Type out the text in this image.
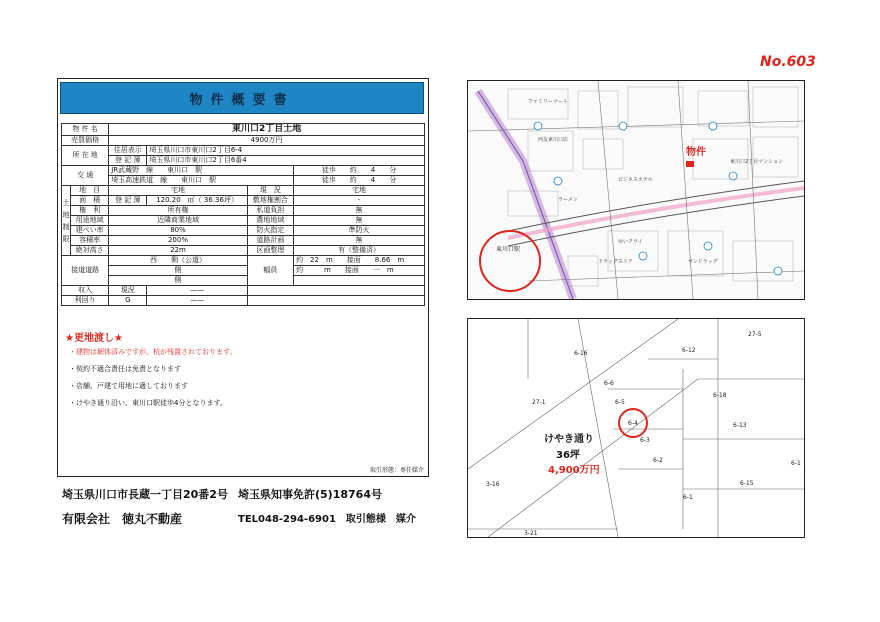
No.603
物件概要書
物 件 名		東川口2丁目土地			
売買価格		4900万円			
所 在 地		住居表示	埼玉県川口市東川口2丁目6-4		
		登 記 簿	埼玉県川口市東川口2丁目6番4		
交 通		JR武蔵野　線　　東川口　駅			徒歩　　約　　4　　分
		埼玉高速鉄道　線　　東川口　駅			徒歩　　約　　4　　分
土 地 制 限	地　目	宅地		現　況	宅地
	面　積	登 記 簿	120.20　㎡（ 36.36坪）	敷地権割合	-
	権　利	所有権		私道負担	無
	用途地域	近隣商業地域		農地地域	無
	建ぺい率	80%		防火指定	準防火
	容積率	200%		道路計画	無
	絶対高さ	22m		区画整理	有（整備済）
接道道路		西　　側（公道）		幅員	約　22　m　　接面　　8.66　m
		側			約　　　m　　接面　　一　m
		側			
収入		現況	——		
利回り		G	——		
★更地渡し★
・建物は解体済みですが、杭が残置されております。
・契約不適合責任は免責となります
・店舗、戸建て用地に適しております
・けやき通り沿い、東川口駅徒歩4分となります。
取引形態：専任媒介
埼玉県川口市長蔵一丁目20番2号 埼玉県知事免許(5)18764号
有限会社　徳丸不動産	TEL048-294-6901　取引態様　媒介
物件
東川口駅
ファミリーマート
西友東川口店
東川口2丁目マンション
ビジネスホテル
ラーメン
ゆいクライ
ドラッグストア	サンドラッグ
けやき通り
36坪
4,900万円
27-5
6-16	6-12
6-6
6-18
27-1	6-5
6-4	6-13
6-3
6-2
3-16	6-15
6-1
6-1
3-21
